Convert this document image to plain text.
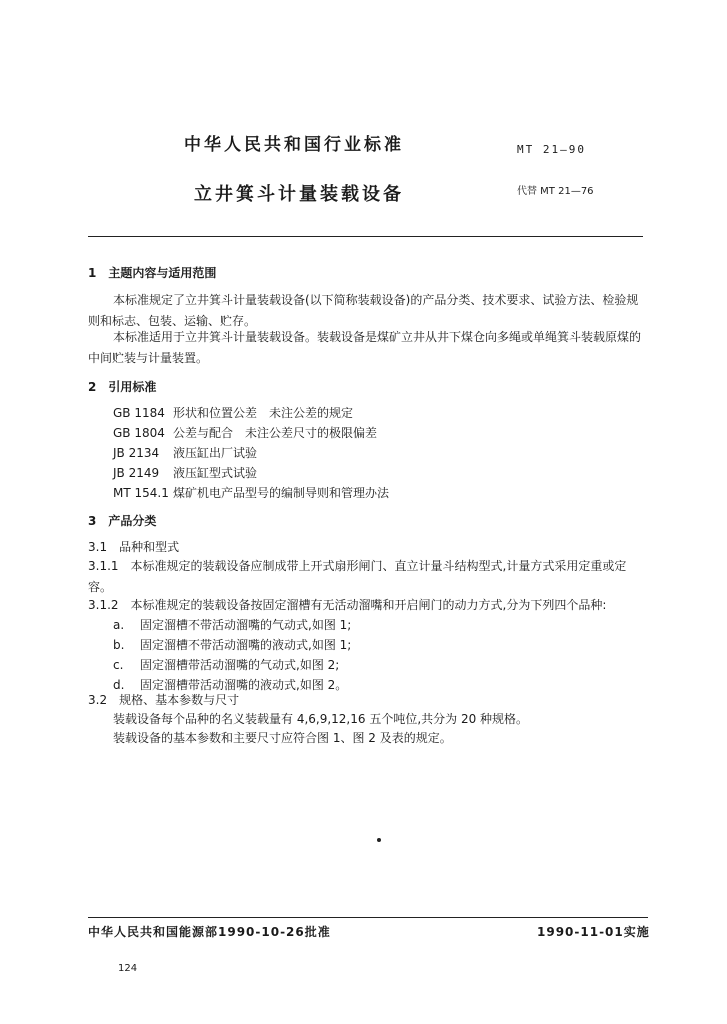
中华人民共和国行业标准	MT 21—90
立井箕斗计量装载设备	代替 MT 21—76
1　主题内容与适用范围
本标准规定了立井箕斗计量装载设备(以下简称装载设备)的产品分类、技术要求、试验方法、检验规则和标志、包装、运输、贮存。
本标准适用于立井箕斗计量装载设备。装载设备是煤矿立井从井下煤仓向多绳或单绳箕斗装载原煤的中间贮装与计量装置。
2　引用标准
GB 1184 形状和位置公差　未注公差的规定
GB 1804 公差与配合　未注公差尺寸的极限偏差
JB 2134 液压缸出厂试验
JB 2149 液压缸型式试验
MT 154.1 煤矿机电产品型号的编制导则和管理办法
3　产品分类
3.1　品种和型式
3.1.1　本标准规定的装载设备应制成带上开式扇形闸门、直立计量斗结构型式,计量方式采用定重或定容。
3.1.2　本标准规定的装载设备按固定溜槽有无活动溜嘴和开启闸门的动力方式,分为下列四个品种:
a. 固定溜槽不带活动溜嘴的气动式,如图 1;
b. 固定溜槽不带活动溜嘴的液动式,如图 1;
c. 固定溜槽带活动溜嘴的气动式,如图 2;
d. 固定溜槽带活动溜嘴的液动式,如图 2。
3.2　规格、基本参数与尺寸
装载设备每个品种的名义装载量有 4,6,9,12,16 五个吨位,共分为 20 种规格。
装载设备的基本参数和主要尺寸应符合图 1、图 2 及表的规定。
中华人民共和国能源部1990-10-26批准	1990-11-01实施
124
